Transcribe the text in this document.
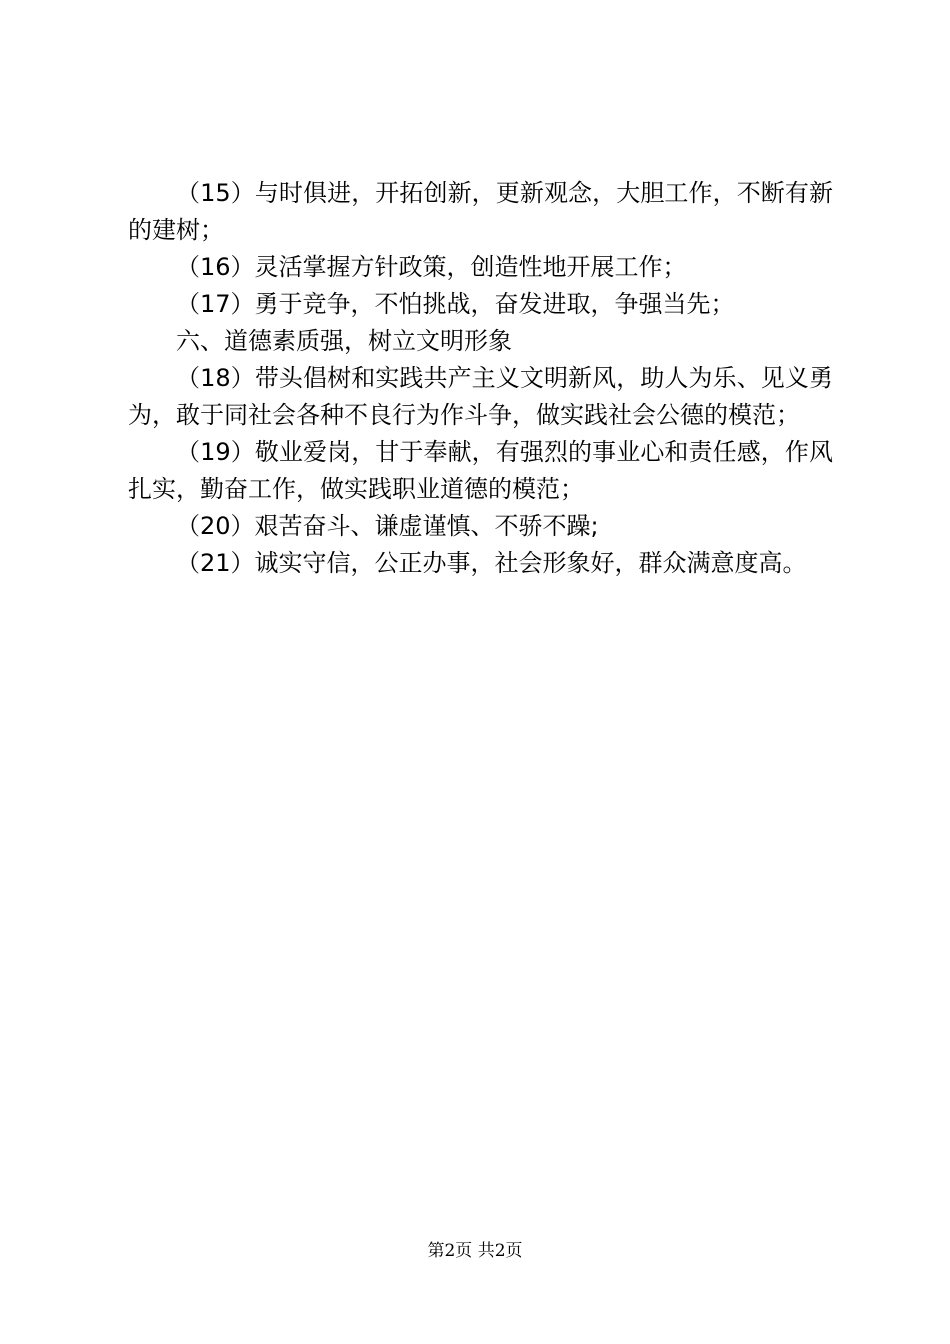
（15）与时俱进，开拓创新，更新观念，大胆工作，不断有新的建树；

（16）灵活掌握方针政策，创造性地开展工作；

（17）勇于竞争，不怕挑战，奋发进取，争强当先；

六、道德素质强，树立文明形象

（18）带头倡树和实践共产主义文明新风，助人为乐、见义勇为，敢于同社会各种不良行为作斗争，做实践社会公德的模范；

（19）敬业爱岗，甘于奉献，有强烈的事业心和责任感，作风扎实，勤奋工作，做实践职业道德的模范；

（20）艰苦奋斗、谦虚谨慎、不骄不躁;

（21）诚实守信，公正办事，社会形象好，群众满意度高。

第2页 共2页
